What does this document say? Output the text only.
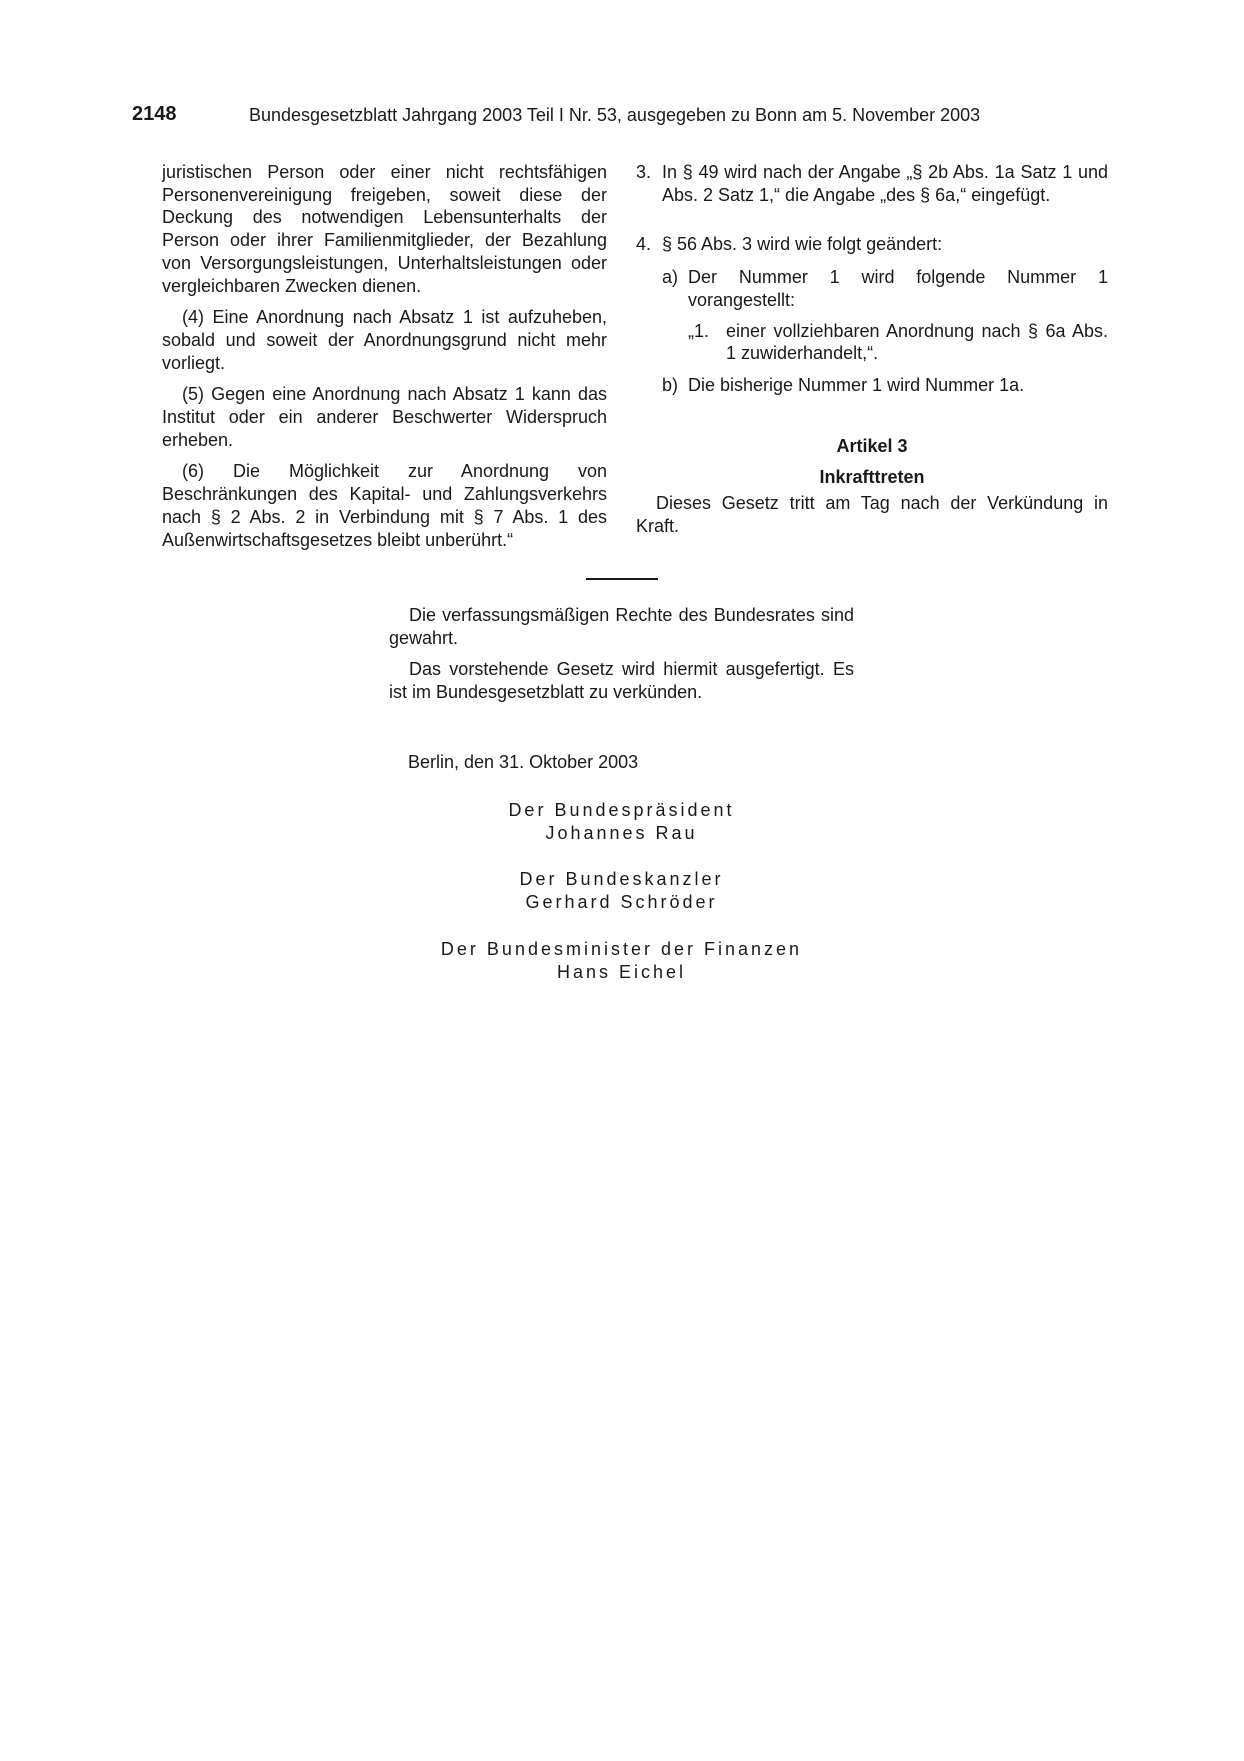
2148	Bundesgesetzblatt Jahrgang 2003 Teil I Nr. 53, ausgegeben zu Bonn am 5. November 2003

juristischen Person oder einer nicht rechtsfähigen Personenvereinigung freigeben, soweit diese der Deckung des notwendigen Lebensunterhalts der Person oder ihrer Familienmitglieder, der Bezahlung von Versorgungsleistungen, Unterhaltsleistungen oder vergleichbaren Zwecken dienen.

(4) Eine Anordnung nach Absatz 1 ist aufzuheben, sobald und soweit der Anordnungsgrund nicht mehr vorliegt.

(5) Gegen eine Anordnung nach Absatz 1 kann das Institut oder ein anderer Beschwerter Widerspruch erheben.

(6) Die Möglichkeit zur Anordnung von Beschränkungen des Kapital- und Zahlungsverkehrs nach § 2 Abs. 2 in Verbindung mit § 7 Abs. 1 des Außenwirtschaftsgesetzes bleibt unberührt.“

3. In § 49 wird nach der Angabe „§ 2b Abs. 1a Satz 1 und Abs. 2 Satz 1,“ die Angabe „des § 6a,“ eingefügt.
4. § 56 Abs. 3 wird wie folgt geändert:
a) Der Nummer 1 wird folgende Nummer 1 vorangestellt:
„1. einer vollziehbaren Anordnung nach § 6a Abs. 1 zuwiderhandelt,“.
b) Die bisherige Nummer 1 wird Nummer 1a.

Artikel 3

Inkrafttreten

Dieses Gesetz tritt am Tag nach der Verkündung in Kraft.

Die verfassungsmäßigen Rechte des Bundesrates sind gewahrt.

Das vorstehende Gesetz wird hiermit ausgefertigt. Es ist im Bundesgesetzblatt zu verkünden.

Berlin, den 31. Oktober 2003
Der Bundespräsident
Johannes Rau
Der Bundeskanzler
Gerhard Schröder
Der Bundesminister der Finanzen
Hans Eichel
